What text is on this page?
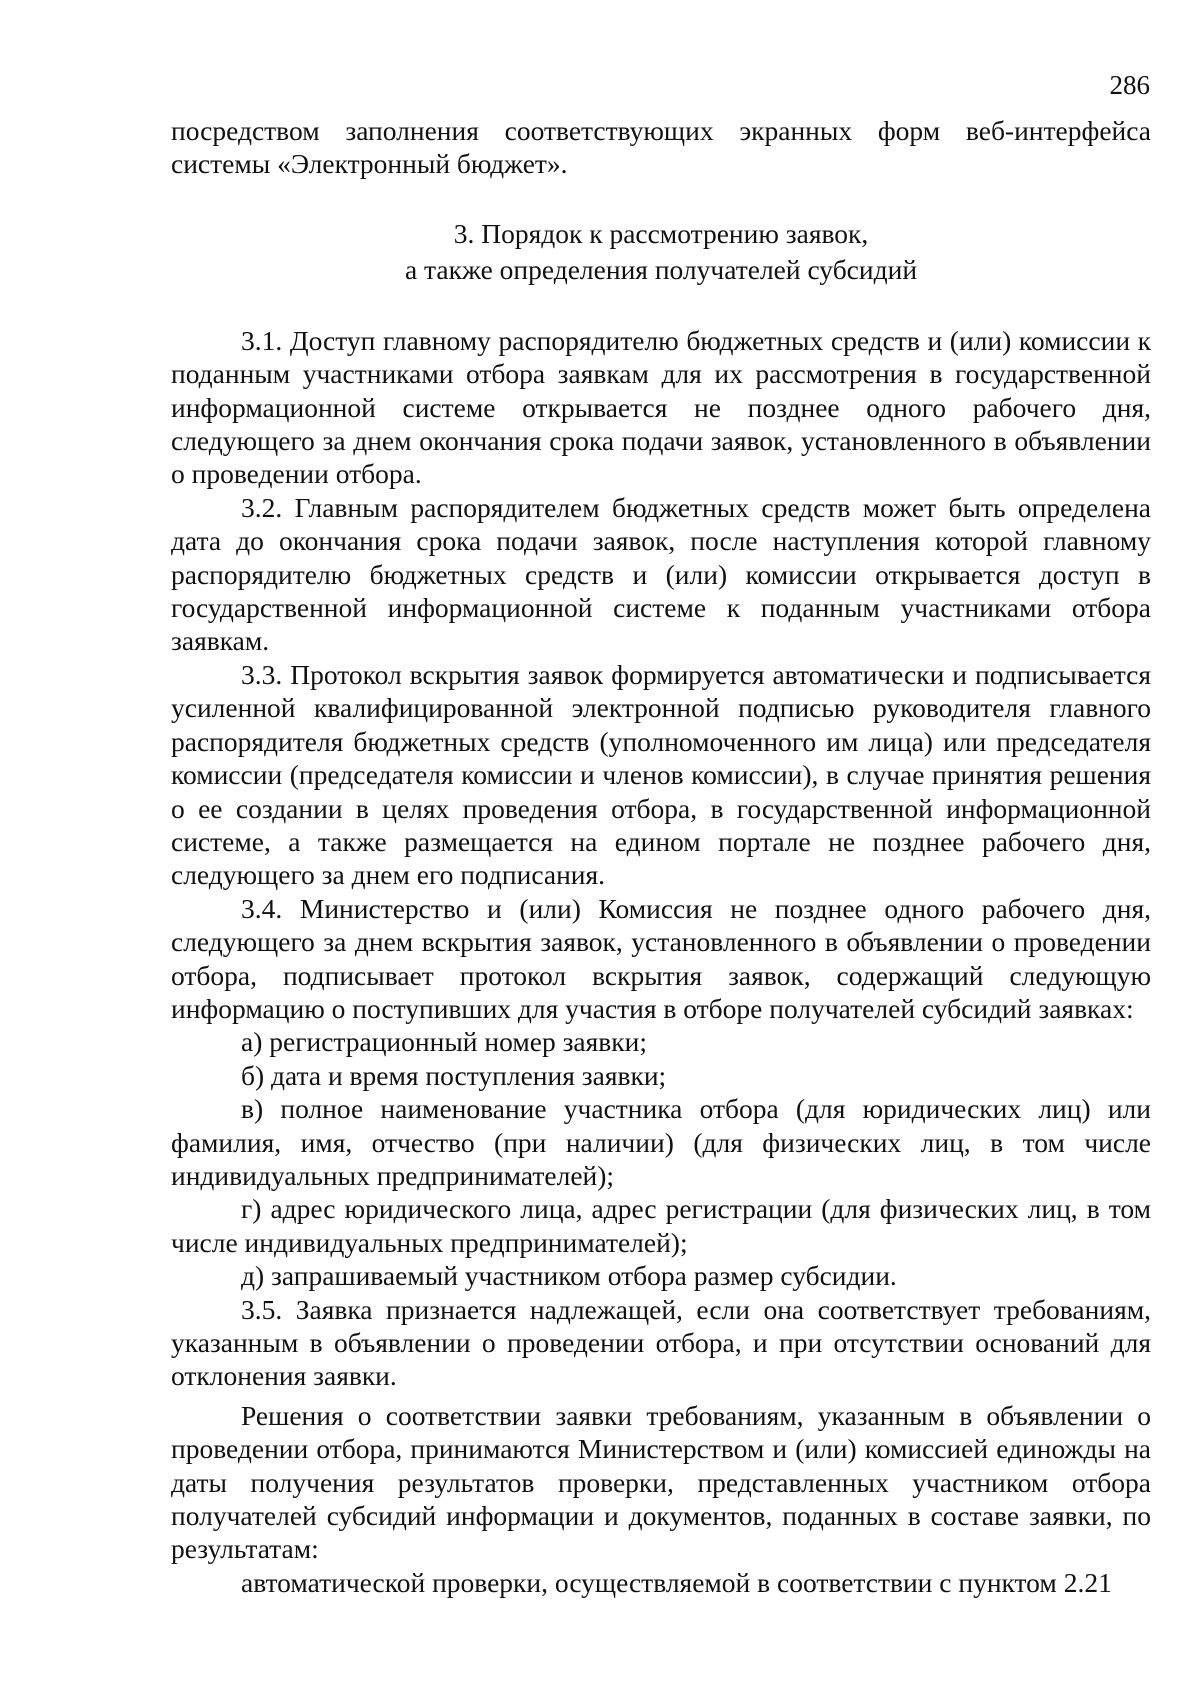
286

посредством заполнения соответствующих экранных форм веб-интерфейса системы «Электронный бюджет».

3. Порядок к рассмотрению заявок,
а также определения получателей субсидий

3.1. Доступ главному распорядителю бюджетных средств и (или) комиссии к поданным участниками отбора заявкам для их рассмотрения в государственной информационной системе открывается не позднее одного рабочего дня, следующего за днем окончания срока подачи заявок, установленного в объявлении о проведении отбора.

3.2. Главным распорядителем бюджетных средств может быть определена дата до окончания срока подачи заявок, после наступления которой главному распорядителю бюджетных средств и (или) комиссии открывается доступ в государственной информационной системе к поданным участниками отбора заявкам.

3.3. Протокол вскрытия заявок формируется автоматически и подписывается усиленной квалифицированной электронной подписью руководителя главного распорядителя бюджетных средств (уполномоченного им лица) или председателя комиссии (председателя комиссии и членов комиссии), в случае принятия решения о ее создании в целях проведения отбора, в государственной информационной системе, а также размещается на едином портале не позднее рабочего дня, следующего за днем его подписания.

3.4. Министерство и (или) Комиссия не позднее одного рабочего дня, следующего за днем вскрытия заявок, установленного в объявлении о проведении отбора, подписывает протокол вскрытия заявок, содержащий следующую информацию о поступивших для участия в отборе получателей субсидий заявках:

а) регистрационный номер заявки;

б) дата и время поступления заявки;

в) полное наименование участника отбора (для юридических лиц) или фамилия, имя, отчество (при наличии) (для физических лиц, в том числе индивидуальных предпринимателей);

г) адрес юридического лица, адрес регистрации (для физических лиц, в том числе индивидуальных предпринимателей);

д) запрашиваемый участником отбора размер субсидии.

3.5. Заявка признается надлежащей, если она соответствует требованиям, указанным в объявлении о проведении отбора, и при отсутствии оснований для отклонения заявки.

Решения о соответствии заявки требованиям, указанным в объявлении о проведении отбора, принимаются Министерством и (или) комиссией единожды на даты получения результатов проверки, представленных участником отбора получателей субсидий информации и документов, поданных в составе заявки, по результатам:

автоматической проверки, осуществляемой в соответствии с пунктом 2.21
